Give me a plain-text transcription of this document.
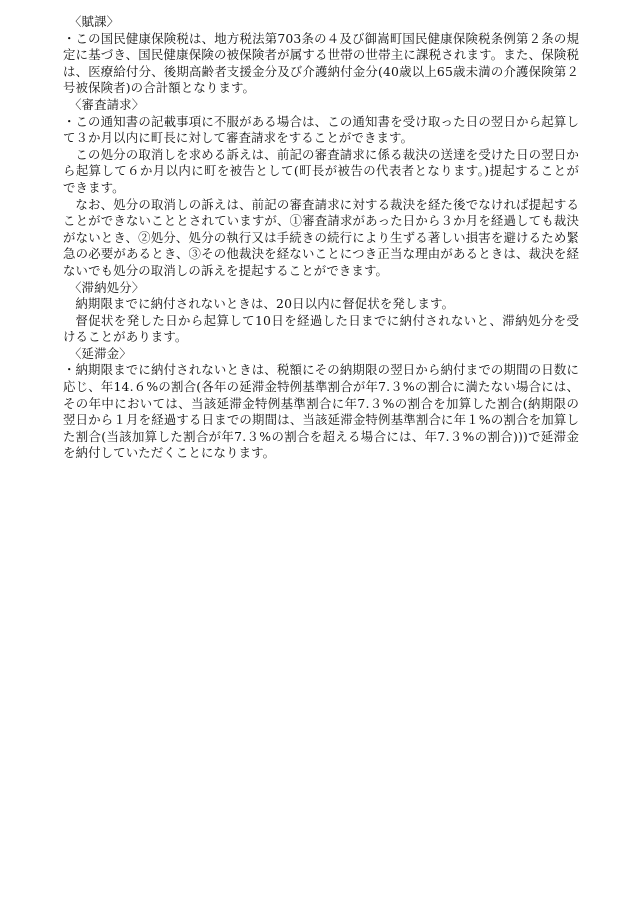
〈賦課〉

・この国民健康保険税は、地方税法第703条の４及び御嵩町国民健康保険税条例第２条の規定に基づき、国民健康保険の被保険者が属する世帯の世帯主に課税されます。また、保険税は、医療給付分、後期高齢者支援金分及び介護納付金分(40歳以上65歳未満の介護保険第２号被保険者)の合計額となります。

〈審査請求〉

・この通知書の記載事項に不服がある場合は、この通知書を受け取った日の翌日から起算して３か月以内に町長に対して審査請求をすることができます。

この処分の取消しを求める訴えは、前記の審査請求に係る裁決の送達を受けた日の翌日から起算して６か月以内に町を被告として(町長が被告の代表者となります。)提起することができます。

なお、処分の取消しの訴えは、前記の審査請求に対する裁決を経た後でなければ提起することができないこととされていますが、①審査請求があった日から３か月を経過しても裁決がないとき、②処分、処分の執行又は手続きの続行により生ずる著しい損害を避けるため緊急の必要があるとき、③その他裁決を経ないことにつき正当な理由があるときは、裁決を経ないでも処分の取消しの訴えを提起することができます。

〈滞納処分〉

納期限までに納付されないときは、20日以内に督促状を発します。

督促状を発した日から起算して10日を経過した日までに納付されないと、滞納処分を受けることがあります。

〈延滞金〉

・納期限までに納付されないときは、税額にその納期限の翌日から納付までの期間の日数に応じ、年14.６%の割合(各年の延滞金特例基準割合が年7.３%の割合に満たない場合には、その年中においては、当該延滞金特例基準割合に年7.３%の割合を加算した割合(納期限の翌日から１月を経過する日までの期間は、当該延滞金特例基準割合に年１%の割合を加算した割合(当該加算した割合が年7.３%の割合を超える場合には、年7.３%の割合)))で延滞金を納付していただくことになります。
